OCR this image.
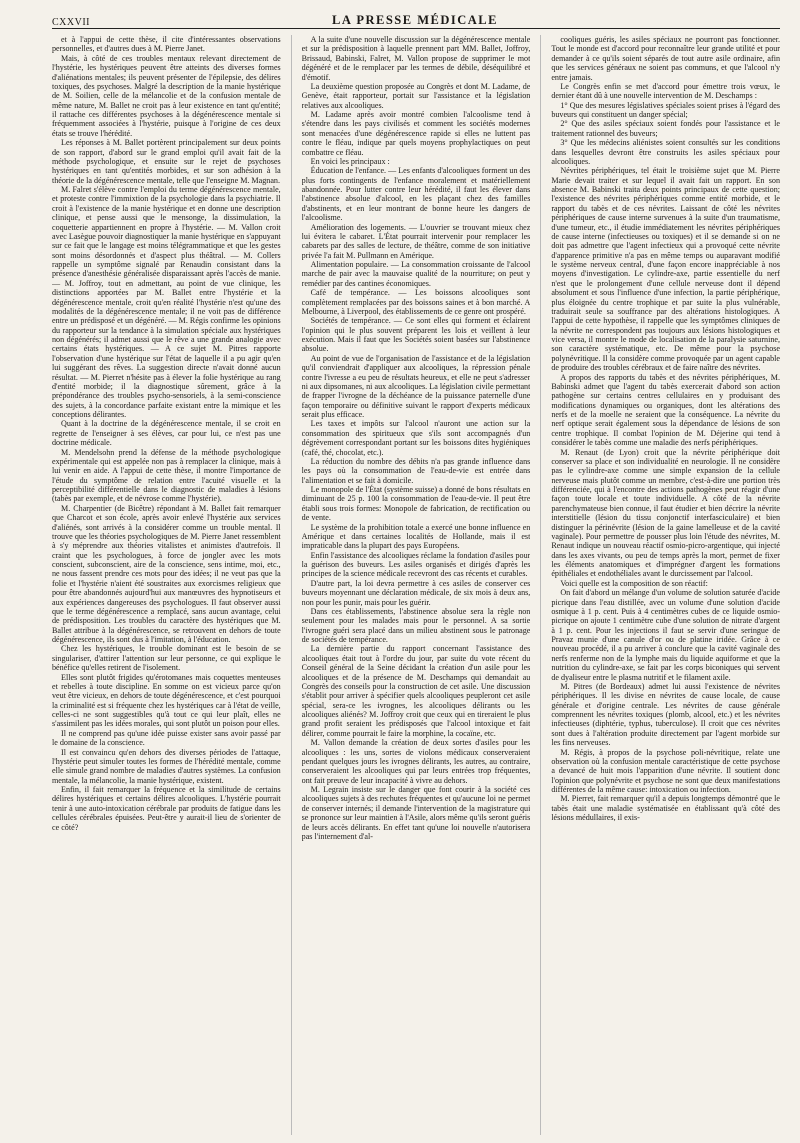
CXXVII	LA PRESSE MÉDICALE

et à l'appui de cette thèse, il cite d'intéressantes observations personnelles, et d'autres dues à M. Pierre Janet.

Mais, à côté de ces troubles mentaux relevant directement de l'hystérie, les hystériques peuvent être atteints des diverses formes d'aliénations mentales; ils peuvent présenter de l'épilepsie, des délires toxiques, des psychoses. Malgré la description de la manie hystérique de M. Soilien, celle de la mélancolie et de la confusion mentale de même nature, M. Ballet ne croit pas à leur existence en tant qu'entité; il rattache ces différentes psychoses à la dégénérescence mentale si fréquemment associées à l'hystérie, puisque à l'origine de ces deux états se trouve l'hérédité.

Les réponses à M. Ballet portèrent principalement sur deux points de son rapport, d'abord sur le grand emploi qu'il avait fait de la méthode psychologique, et ensuite sur le rejet de psychoses hystériques en tant qu'entités morbides, et sur son adhésion à la théorie de la dégénérescence mentale, telle que l'enseigne M. Magnan.

M. Falret s'élève contre l'emploi du terme dégénérescence mentale, et proteste contre l'immixtion de la psychologie dans la psychiatrie. Il croit à l'existence de la manie hystérique et en donne une description clinique, et pense aussi que le mensonge, la dissimulation, la coquetterie appartiennent en propre à l'hystérie. — M. Vallon croit avec Lasègue pouvoir diagnostiquer la manie hystérique en s'appuyant sur ce fait que le langage est moins télégrammatique et que les gestes sont moins désordonnés et d'aspect plus théâtral. — M. Collers rappelle un symptôme signalé par Renaudin consistant dans la présence d'anesthésie généralisée disparaissant après l'accès de manie. — M. Joffroy, tout en admettant, au point de vue clinique, les distinctions apportées par M. Ballet entre l'hystérie et la dégénérescence mentale, croit qu'en réalité l'hystérie n'est qu'une des modalités de la dégénérescence mentale; il ne voit pas de différence entre un prédisposé et un dégénéré. — M. Régis confirme les opinions du rapporteur sur la tendance à la simulation spéciale aux hystériques non dégénérés; il admet aussi que le rêve a une grande analogie avec certains états hystériques. — A ce sujet M. Pitres rapporte l'observation d'une hystérique sur l'état de laquelle il a pu agir qu'en lui suggérant des rêves. La suggestion directe n'avait donné aucun résultat. — M. Pierret n'hésite pas à élever la folie hystérique au rang d'entité morbide; il la diagnostique sûrement, grâce à la prépondérance des troubles psycho-sensoriels, à la semi-conscience des sujets, à la concordance parfaite existant entre la mimique et les conceptions délirantes.

Quant à la doctrine de la dégénérescence mentale, il se croit en regrette de l'enseigner à ses élèves, car pour lui, ce n'est pas une doctrine médicale.

M. Mendelsohn prend la défense de la méthode psychologique expérimentale qui est appelée non pas à remplacer la clinique, mais à lui venir en aide. A l'appui de cette thèse, il montre l'importance de l'étude du symptôme de relation entre l'acuité visuelle et la perceptibilité différentielle dans le diagnostic de maladies à lésions (tabès par exemple, et de névrose comme l'hystérie).

M. Charpentier (de Bicêtre) répondant à M. Ballet fait remarquer que Charcot et son école, après avoir enlevé l'hystérie aux services d'aliénés, sont arrivés à la considérer comme un trouble mental. Il trouve que les théories psychologiques de M. Pierre Janet ressemblent à s'y méprendre aux théories vitalistes et animistes d'autrefois. Il craint que les psychologues, à force de jongler avec les mots conscient, subconscient, aire de la conscience, sens intime, moi, etc., ne nous fassent prendre ces mots pour des idées; il ne veut pas que la folie et l'hystérie n'aient été soustraites aux exorcismes religieux que pour être abandonnés aujourd'hui aux manœuvres des hypnotiseurs et aux expériences dangereuses des psychologues. Il faut observer aussi que le terme dégénérescence a remplacé, sans aucun avantage, celui de prédisposition. Les troubles du caractère des hystériques que M. Ballet attribue à la dégénérescence, se retrouvent en dehors de toute dégénérescence, ils sont dus à l'imitation, à l'éducation.

Chez les hystériques, le trouble dominant est le besoin de se singulariser, d'attirer l'attention sur leur personne, ce qui explique le bénéfice qu'elles retirent de l'isolement.

Elles sont plutôt frigides qu'érotomanes mais coquettes menteuses et rebelles à toute discipline. En somme on est vicieux parce qu'on veut être vicieux, en dehors de toute dégénérescence, et c'est pourquoi la criminalité est si fréquente chez les hystériques car à l'état de veille, celles-ci ne sont suggestibles qu'à tout ce qui leur plaît, elles ne s'assimilent pas les idées morales, qui sont plutôt un poison pour elles.

Il ne comprend pas qu'une idée puisse exister sans avoir passé par le domaine de la conscience.

Il est convaincu qu'en dehors des diverses périodes de l'attaque, l'hystérie peut simuler toutes les formes de l'hérédité mentale, comme elle simule grand nombre de maladies d'autres systèmes. La confusion mentale, la mélancolie, la manie hystérique, existent.

Enfin, il fait remarquer la fréquence et la similitude de certains délires hystériques et certains délires alcooliques. L'hystérie pourrait tenir à une auto-intoxication cérébrale par produits de fatigue dans les cellules cérébrales épuisées. Peut-être y aurait-il lieu de s'orienter de ce côté?

A la suite d'une nouvelle discussion sur la dégénérescence mentale et sur la prédisposition à laquelle prennent part MM. Ballet, Joffroy, Brissaud, Babinski, Falret, M. Vallon propose de supprimer le mot dégénéré et de le remplacer par les termes de débile, déséquilibré et d'émotif.

La deuxième question proposée au Congrès et dont M. Ladame, de Genève, était rapporteur, portait sur l'assistance et la législation relatives aux alcooliques.

M. Ladame après avoir montré combien l'alcoolisme tend à s'étendre dans les pays civilisés et comment les sociétés modernes sont menacées d'une dégénérescence rapide si elles ne luttent pas contre le fléau, indique par quels moyens prophylactiques on peut combattre ce fléau.

En voici les principaux :

Éducation de l'enfance. — Les enfants d'alcooliques forment un des plus forts contingents de l'enfance moralement et matériellement abandonnée. Pour lutter contre leur hérédité, il faut les élever dans l'abstinence absolue d'alcool, en les plaçant chez des familles d'abstinents, et en leur montrant de bonne heure les dangers de l'alcoolisme.

Amélioration des logements. — L'ouvrier se trouvant mieux chez lui évitera le cabaret. L'État pourrait intervenir pour remplacer les cabarets par des salles de lecture, de théâtre, comme de son initiative privée l'a fait M. Pullmann en Amérique.

Alimentation populaire. — La consommation croissante de l'alcool marche de pair avec la mauvaise qualité de la nourriture; on peut y remédier par des cantines économiques.

Café de tempérance. — Les boissons alcooliques sont complètement remplacées par des boissons saines et à bon marché. A Melbourne, à Liverpool, des établissements de ce genre ont prospéré.

Sociétés de tempérance. — Ce sont elles qui forment et éclairent l'opinion qui le plus souvent préparent les lois et veillent à leur exécution. Mais il faut que les Sociétés soient basées sur l'abstinence absolue.

Au point de vue de l'organisation de l'assistance et de la législation qu'il conviendrait d'appliquer aux alcooliques, la répression pénale contre l'ivresse a eu peu de résultats heureux, et elle ne peut s'adresser ni aux dipsomanes, ni aux alcooliques. La législation civile permettant de frapper l'ivrogne de la déchéance de la puissance paternelle d'une façon temporaire ou définitive suivant le rapport d'experts médicaux serait plus efficace.

Les taxes et impôts sur l'alcool n'auront une action sur la consommation des spiritueux que s'ils sont accompagnés d'un dégrèvement correspondant portant sur les boissons dites hygiéniques (café, thé, chocolat, etc.).

La réduction du nombre des débits n'a pas grande influence dans les pays où la consommation de l'eau-de-vie est entrée dans l'alimentation et se fait à domicile.

Le monopole de l'État (système suisse) a donné de bons résultats en diminuant de 25 p. 100 la consommation de l'eau-de-vie. Il peut être établi sous trois formes: Monopole de fabrication, de rectification ou de vente.

Le système de la prohibition totale a exercé une bonne influence en Amérique et dans certaines localités de Hollande, mais il est impraticable dans la plupart des pays Européens.

Enfin l'assistance des alcooliques réclame la fondation d'asiles pour la guérison des buveurs. Les asiles organisés et dirigés d'après les principes de la science médicale recevront des cas récents et curables.

D'autre part, la loi devra permettre à ces asiles de conserver ces buveurs moyennant une déclaration médicale, de six mois à deux ans, non pour les punir, mais pour les guérir.

Dans ces établissements, l'abstinence absolue sera la règle non seulement pour les malades mais pour le personnel. A sa sortie l'ivrogne guéri sera placé dans un milieu abstinent sous le patronage de sociétés de tempérance.

La dernière partie du rapport concernant l'assistance des alcooliques était tout à l'ordre du jour, par suite du vote récent du Conseil général de la Seine décidant la création d'un asile pour les alcooliques et de la présence de M. Deschamps qui demandait au Congrès des conseils pour la construction de cet asile. Une discussion s'établit pour arriver à spécifier quels alcooliques peupleront cet asile spécial, sera-ce les ivrognes, les alcooliques délirants ou les alcooliques aliénés? M. Joffroy croit que ceux qui en tireraient le plus grand profit seraient les prédisposés que l'alcool intoxique et fait délirer, comme pourrait le faire la morphine, la cocaïne, etc.

M. Vallon demande la création de deux sortes d'asiles pour les alcooliques : les uns, sortes de violons médicaux conserveraient pendant quelques jours les ivrognes délirants, les autres, au contraire, conserveraient les alcooliques qui par leurs entrées trop fréquentes, ont fait preuve de leur incapacité à vivre au dehors.

M. Legrain insiste sur le danger que font courir à la société ces alcooliques sujets à des rechutes fréquentes et qu'aucune loi ne permet de conserver internés; il demande l'intervention de la magistrature qui se prononce sur leur maintien à l'Asile, alors même qu'ils seront guéris de leurs accès délirants. En effet tant qu'une loi nouvelle n'autorisera pas l'internement d'al-

cooliques guéris, les asiles spéciaux ne pourront pas fonctionner. Tout le monde est d'accord pour reconnaître leur grande utilité et pour demander à ce qu'ils soient séparés de tout autre asile ordinaire, afin que les services généraux ne soient pas communs, et que l'alcool n'y entre jamais.

Le Congrès enfin se met d'accord pour émettre trois vœux, le dernier étant dû à une nouvelle intervention de M. Deschamps :

1° Que des mesures législatives spéciales soient prises à l'égard des buveurs qui constituent un danger spécial;

2° Que des asiles spéciaux soient fondés pour l'assistance et le traitement rationnel des buveurs;

3° Que les médecins aliénistes soient consultés sur les conditions dans lesquelles devront être construits les asiles spéciaux pour alcooliques.

Névrites périphériques, tel était le troisième sujet que M. Pierre Marie devait traiter et sur lequel il avait fait un rapport. En son absence M. Babinski traita deux points principaux de cette question; l'existence des névrites périphériques comme entité morbide, et le rapport du tabès et de ces névrites. Laissant de côté les névrites périphériques de cause interne survenues à la suite d'un traumatisme, d'une tumeur, etc., il étudie immédiatement les névrites périphériques de cause interne (infectieuses ou toxiques) et il se demande si on ne doit pas admettre que l'agent infectieux qui a provoqué cette névrite d'apparence primitive n'a pas en même temps ou auparavant modifié le système nerveux central, d'une façon encore inappréciable à nos moyens d'investigation. Le cylindre-axe, partie essentielle du nerf n'est que le prolongement d'une cellule nerveuse dont il dépend absolument et sous l'influence d'une infection, la partie périphérique, plus éloignée du centre trophique et par suite la plus vulnérable, traduirait seule sa souffrance par des altérations histologiques. A l'appui de cette hypothèse, il rappelle que les symptômes cliniques de la névrite ne correspondent pas toujours aux lésions histologiques et vice versa, il montre le mode de localisation de la paralysie saturnine, son caractère systématique, etc. De même pour la psychose polynévritique. Il la considère comme provoquée par un agent capable de produire des troubles cérébraux et de faire naître des névrites.

A propos des rapports du tabès et des névrites périphériques, M. Babinski admet que l'agent du tabès exercerait d'abord son action pathogène sur certains centres cellulaires en y produisant des modifications dynamiques ou organiques, dont les altérations des nerfs et de la moelle ne seraient que la conséquence. La névrite du nerf optique serait également sous la dépendance de lésions de son centre trophique. Il combat l'opinion de M. Déjerine qui tend à considérer le tabès comme une maladie des nerfs périphériques.

M. Renaut (de Lyon) croit que la névrite périphérique doit conserver sa place et son individualité en neurologie. Il ne considère pas le cylindre-axe comme une simple expansion de la cellule nerveuse mais plutôt comme un membre, c'est-à-dire une portion très différenciée, qui à l'encontre des actions pathogènes peut réagir d'une façon toute locale et toute individuelle. A côté de la névrite parenchymateuse bien connue, il faut étudier et bien décrire la névrite interstitielle (lésion du tissu conjonctif interfasciculaire) et bien distinguer la périnévrite (lésion de la gaine lamelleuse et de la cavité vaginale). Pour permettre de pousser plus loin l'étude des névrites, M. Renaut indique un nouveau réactif osmio-picro-argentique, qui injecté dans les axes vivants, ou peu de temps après la mort, permet de fixer les éléments anatomiques et d'imprégner d'argent les formations épithéliales et endothéliales avant le durcissement par l'alcool.

Voici quelle est la composition de son réactif:

On fait d'abord un mélange d'un volume de solution saturée d'acide picrique dans l'eau distillée, avec un volume d'une solution d'acide osmique à 1 p. cent. Puis à 4 centimètres cubes de ce liquide osmio-picrique on ajoute 1 centimètre cube d'une solution de nitrate d'argent à 1 p. cent. Pour les injections il faut se servir d'une seringue de Pravaz munie d'une canule d'or ou de platine iridée. Grâce à ce nouveau procédé, il a pu arriver à conclure que la cavité vaginale des nerfs renferme non de la lymphe mais du liquide aquiforme et que la nutrition du cylindre-axe, se fait par les corps biconiques qui servent de dyaliseur entre le plasma nutritif et le filament axile.

M. Pitres (de Bordeaux) admet lui aussi l'existence de névrites périphériques. Il les divise en névrites de cause locale, de cause générale et d'origine centrale. Les névrites de cause générale comprennent les névrites toxiques (plomb, alcool, etc.) et les névrites infectieuses (diphtérie, typhus, tuberculose). Il croit que ces névrites sont dues à l'altération produite directement par l'agent morbide sur les fins nerveuses.

M. Régis, à propos de la psychose poli-névritique, relate une observation où la confusion mentale caractéristique de cette psychose a devancé de huit mois l'apparition d'une névrite. Il soutient donc l'opinion que polynévrite et psychose ne sont que deux manifestations différentes de la même cause: intoxication ou infection.

M. Pierret, fait remarquer qu'il a depuis longtemps démontré que le tabès était une maladie systématisée en établissant qu'à côté des lésions médullaires, il exis-
